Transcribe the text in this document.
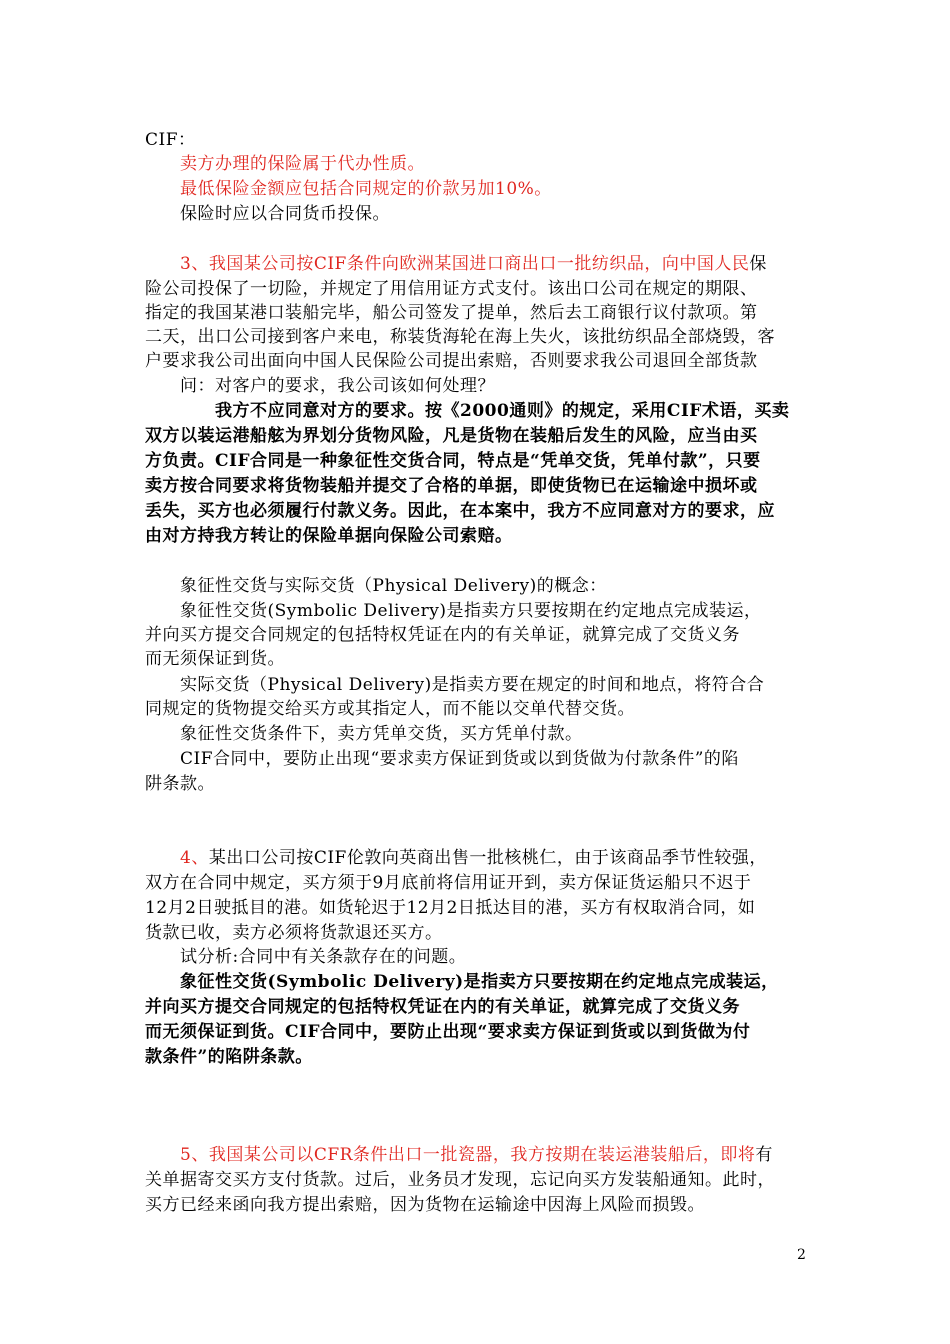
CIF：
卖方办理的保险属于代办性质。
最低保险金额应包括合同规定的价款另加10%。
保险时应以合同货币投保。
3、我国某公司按CIF条件向欧洲某国进口商出口一批纺织品，向中国人民保
险公司投保了一切险，并规定了用信用证方式支付。该出口公司在规定的期限、
指定的我国某港口装船完毕，船公司签发了提单，然后去工商银行议付款项。第
二天，出口公司接到客户来电，称装货海轮在海上失火，该批纺织品全部烧毁，客
户要求我公司出面向中国人民保险公司提出索赔，否则要求我公司退回全部货款
问：对客户的要求，我公司该如何处理？
我方不应同意对方的要求。按《2000通则》的规定，采用CIF术语，买卖
双方以装运港船舷为界划分货物风险，凡是货物在装船后发生的风险，应当由买
方负责。CIF合同是一种象征性交货合同，特点是“凭单交货，凭单付款”，只要
卖方按合同要求将货物装船并提交了合格的单据，即使货物已在运输途中损坏或
丢失，买方也必须履行付款义务。因此，在本案中，我方不应同意对方的要求，应
由对方持我方转让的保险单据向保险公司索赔。
象征性交货与实际交货（Physical Delivery)的概念：
象征性交货(Symbolic Delivery)是指卖方只要按期在约定地点完成装运，
并向买方提交合同规定的包括特权凭证在内的有关单证，就算完成了交货义务
而无须保证到货。
实际交货（Physical Delivery)是指卖方要在规定的时间和地点，将符合合
同规定的货物提交给买方或其指定人，而不能以交单代替交货。
象征性交货条件下，卖方凭单交货，买方凭单付款。
CIF合同中，要防止出现“要求卖方保证到货或以到货做为付款条件”的陷
阱条款。
4、某出口公司按CIF伦敦向英商出售一批核桃仁，由于该商品季节性较强，
双方在合同中规定，买方须于9月底前将信用证开到，卖方保证货运船只不迟于
12月2日驶抵目的港。如货轮迟于12月2日抵达目的港，买方有权取消合同，如
货款已收，卖方必须将货款退还买方。
试分析:合同中有关条款存在的问题。
象征性交货(Symbolic Delivery)是指卖方只要按期在约定地点完成装运，
并向买方提交合同规定的包括特权凭证在内的有关单证，就算完成了交货义务
而无须保证到货。CIF合同中，要防止出现“要求卖方保证到货或以到货做为付
款条件”的陷阱条款。
5、我国某公司以CFR条件出口一批瓷器，我方按期在装运港装船后，即将有
关单据寄交买方支付货款。过后，业务员才发现，忘记向买方发装船通知。此时，
买方已经来函向我方提出索赔，因为货物在运输途中因海上风险而损毁。
2
